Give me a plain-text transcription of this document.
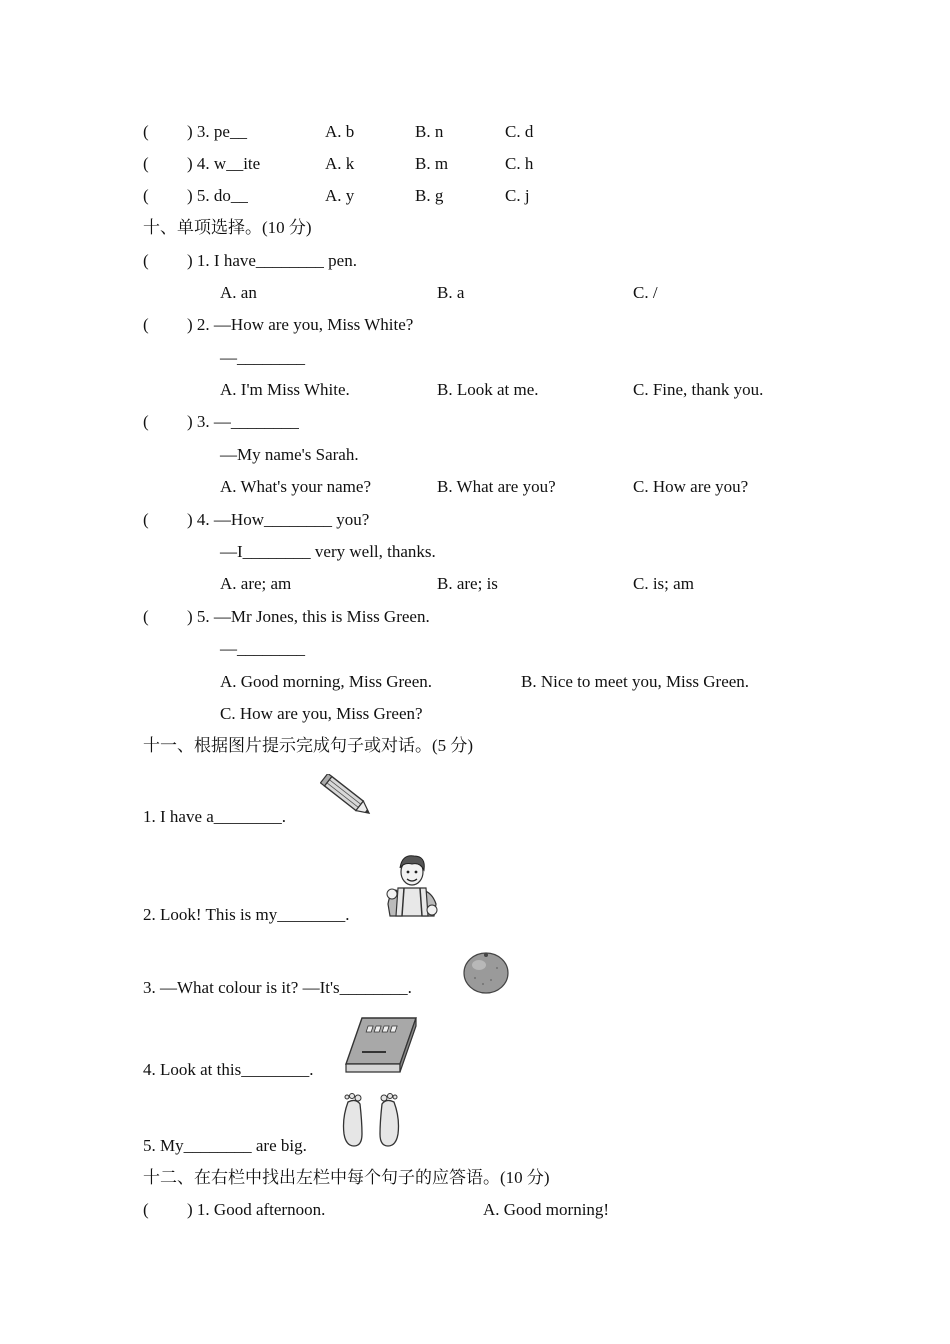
( ) 3. pe__	A. b	B. n	C. d
( ) 4. w__ite	A. k	B. m	C. h
( ) 5. do__	A. y	B. g	C. j
十、单项选择。(10 分)
( ) 1. I have________ pen.
A. an	B. a	C. /
( ) 2. —How are you, Miss White?
—________
A. I'm Miss White.	B. Look at me.	C. Fine, thank you.
( ) 3. —________
—My name's Sarah.
A. What's your name?	B. What are you?	C. How are you?
( ) 4. —How________ you?
—I________ very well, thanks.
A. are; am	B. are; is	C. is; am
( ) 5. —Mr Jones, this is Miss Green.
—________
A. Good morning, Miss Green.	B. Nice to meet you, Miss Green.
C. How are you, Miss Green?
十一、根据图片提示完成句子或对话。(5 分)
1. I have a________.
2. Look! This is my________.
3. —What colour is it? —It's________.
4. Look at this________.
5. My________ are big.
十二、在右栏中找出左栏中每个句子的应答语。(10 分)
( ) 1. Good afternoon.	A. Good morning!
